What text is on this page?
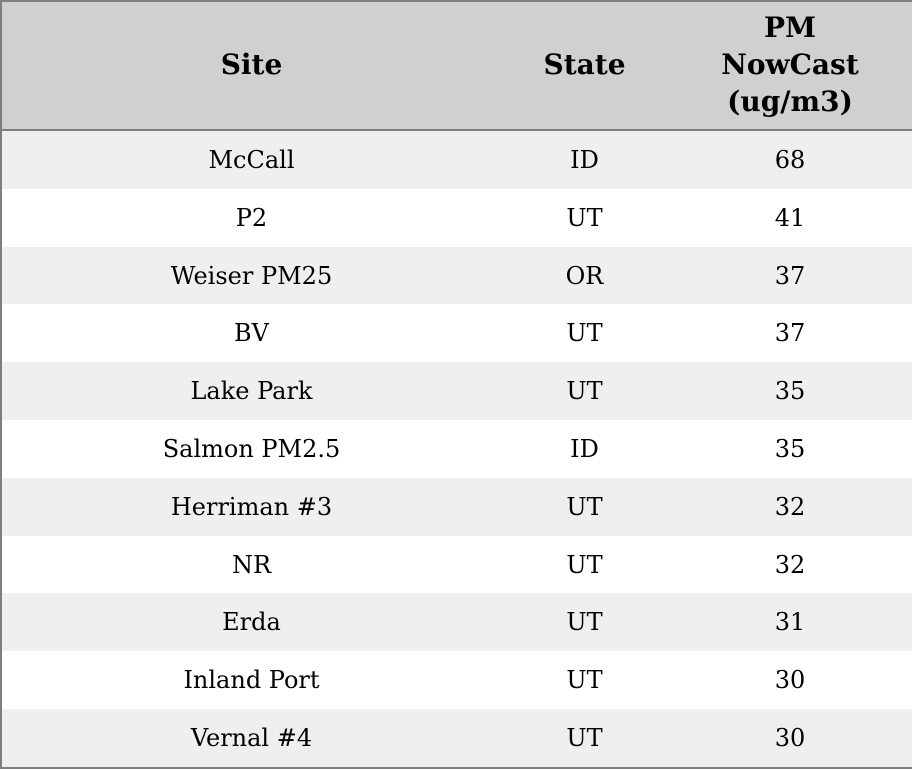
Site	State	PM NowCast (ug/m3)
McCall	ID	68
P2	UT	41
Weiser PM25	OR	37
BV	UT	37
Lake Park	UT	35
Salmon PM2.5	ID	35
Herriman #3	UT	32
NR	UT	32
Erda	UT	31
Inland Port	UT	30
Vernal #4	UT	30
